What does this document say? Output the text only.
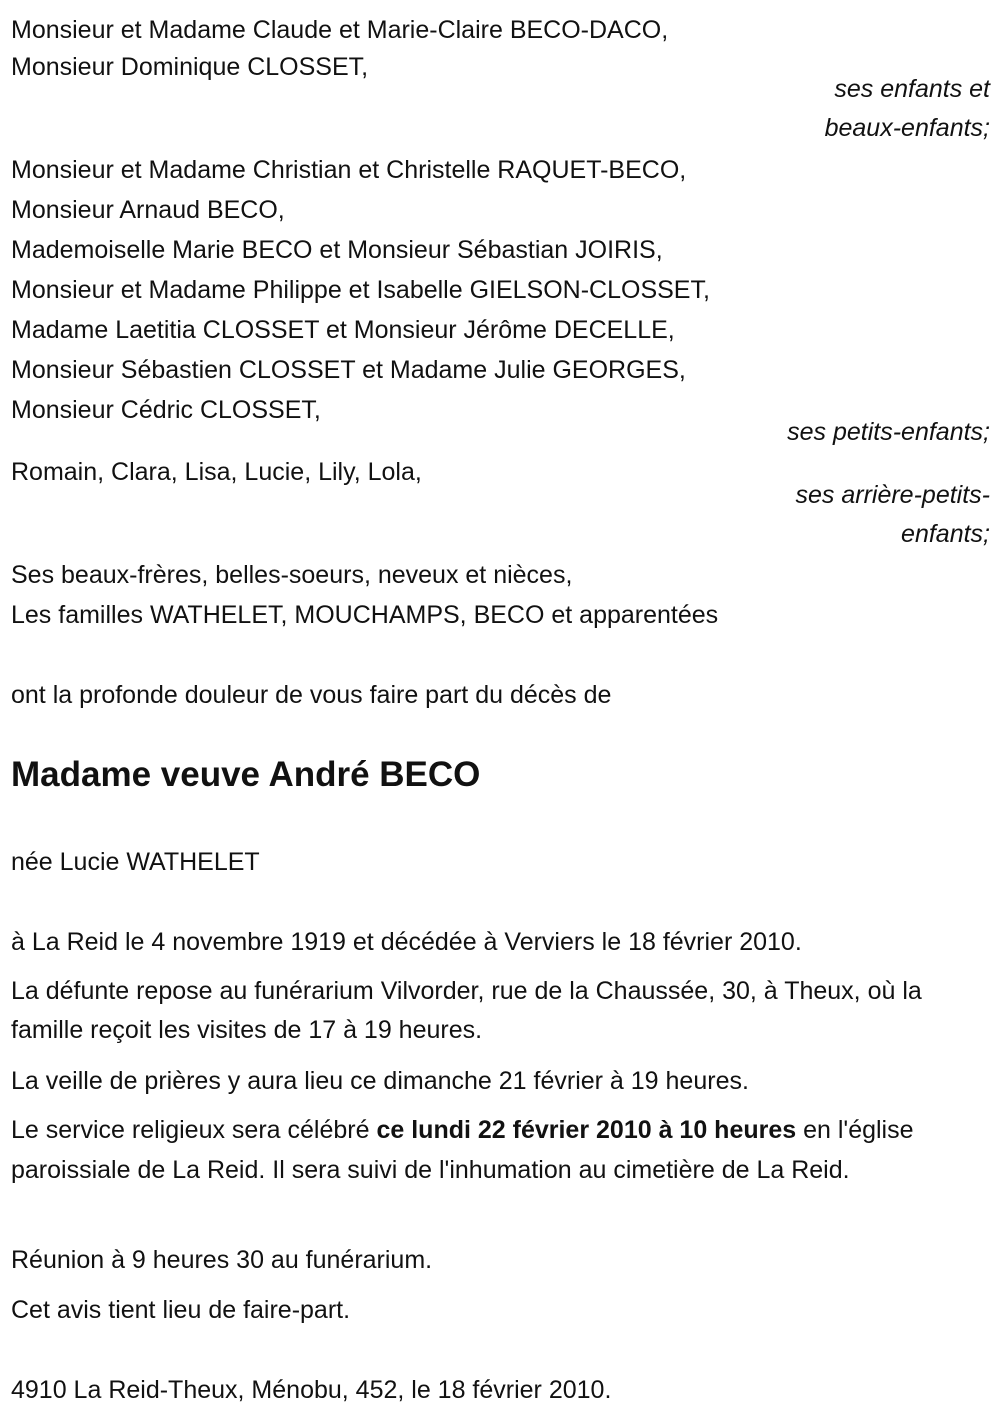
Monsieur et Madame Claude et Marie-Claire BECO-DACO,
Monsieur Dominique CLOSSET,
ses enfants et
beaux-enfants;
Monsieur et Madame Christian et Christelle RAQUET-BECO,
Monsieur Arnaud BECO,
Mademoiselle Marie BECO et Monsieur Sébastian JOIRIS,
Monsieur et Madame Philippe et Isabelle GIELSON-CLOSSET,
Madame Laetitia CLOSSET et Monsieur Jérôme DECELLE,
Monsieur Sébastien CLOSSET et Madame Julie GEORGES,
Monsieur Cédric CLOSSET,
ses petits-enfants;
Romain, Clara, Lisa, Lucie, Lily, Lola,
ses arrière-petits-
enfants;
Ses beaux-frères, belles-soeurs, neveux et nièces,
Les familles WATHELET, MOUCHAMPS, BECO et apparentées
ont la profonde douleur de vous faire part du décès de
Madame veuve André BECO
née Lucie WATHELET
à La Reid le 4 novembre 1919 et décédée à Verviers le 18 février 2010.
La défunte repose au funérarium Vilvorder, rue de la Chaussée, 30, à Theux, où la famille reçoit les visites de 17 à 19 heures.
La veille de prières y aura lieu ce dimanche 21 février à 19 heures.
Le service religieux sera célébré ce lundi 22 février 2010 à 10 heures en l'église paroissiale de La Reid. Il sera suivi de l'inhumation au cimetière de La Reid.
Réunion à 9 heures 30 au funérarium.
Cet avis tient lieu de faire-part.
4910 La Reid-Theux, Ménobu, 452, le 18 février 2010.
